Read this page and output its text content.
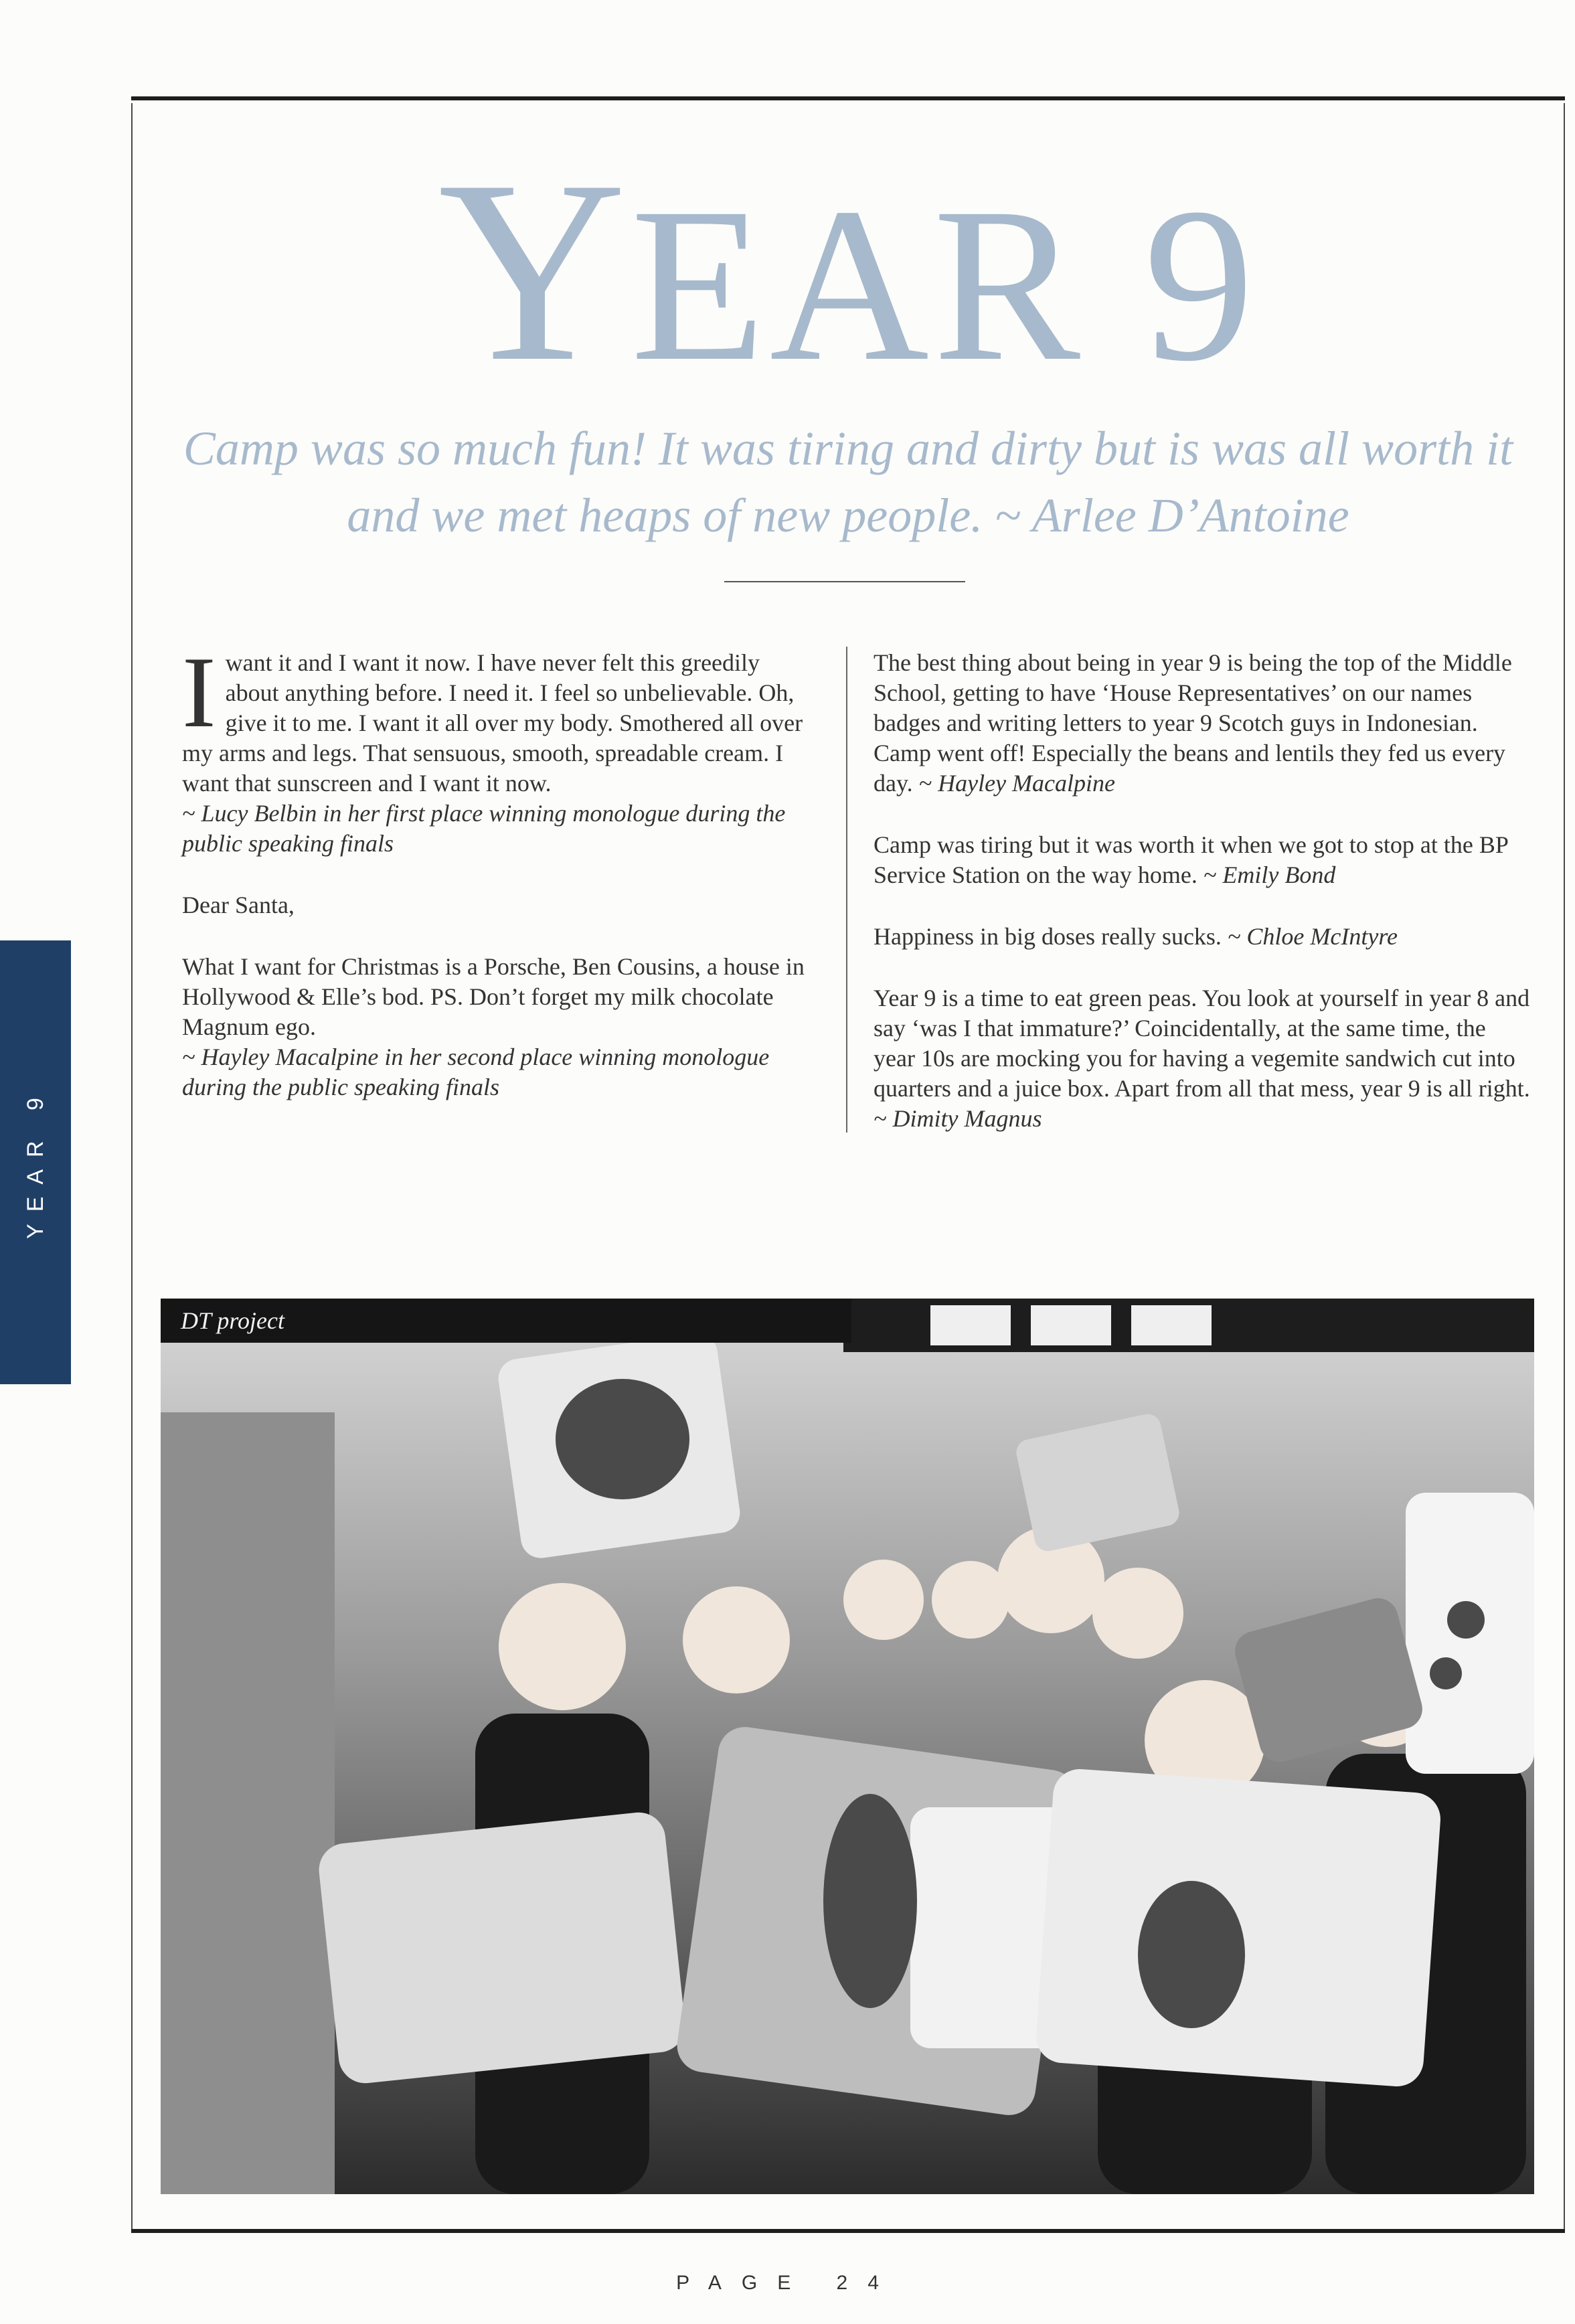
YEAR 9
Camp was so much fun! It was tiring and dirty but is was all worth it and we met heaps of new people. ~ Arlee D’Antoine
YEAR 9

Iwant it and I want it now. I have never felt this greedily about anything before. I need it. I feel so unbelievable. Oh, give it to me. I want it all over my body. Smothered all over my arms and legs. That sensuous, smooth, spreadable cream. I want that sunscreen and I want it now.
~ Lucy Belbin in her first place winning monologue during the public speaking finals

Dear Santa,

What I want for Christmas is a Porsche, Ben Cousins, a house in Hollywood & Elle’s bod. PS. Don’t forget my milk chocolate Magnum ego.
~ Hayley Macalpine in her second place winning monologue during the public speaking finals

The best thing about being in year 9 is being the top of the Middle School, getting to have ‘House Representatives’ on our names badges and writing letters to year 9 Scotch guys in Indonesian. Camp went off! Especially the beans and lentils they fed us every day. ~ Hayley Macalpine

Camp was tiring but it was worth it when we got to stop at the BP Service Station on the way home. ~ Emily Bond

Happiness in big doses really sucks. ~ Chloe McIntyre

Year 9 is a time to eat green peas. You look at yourself in year 8 and say ‘was I that immature?’ Coincidentally, at the same time, the year 10s are mocking you for having a vegemite sandwich cut into quarters and a juice box. Apart from all that mess, year 9 is all right. ~ Dimity Magnus

DT project
PAGE 24
